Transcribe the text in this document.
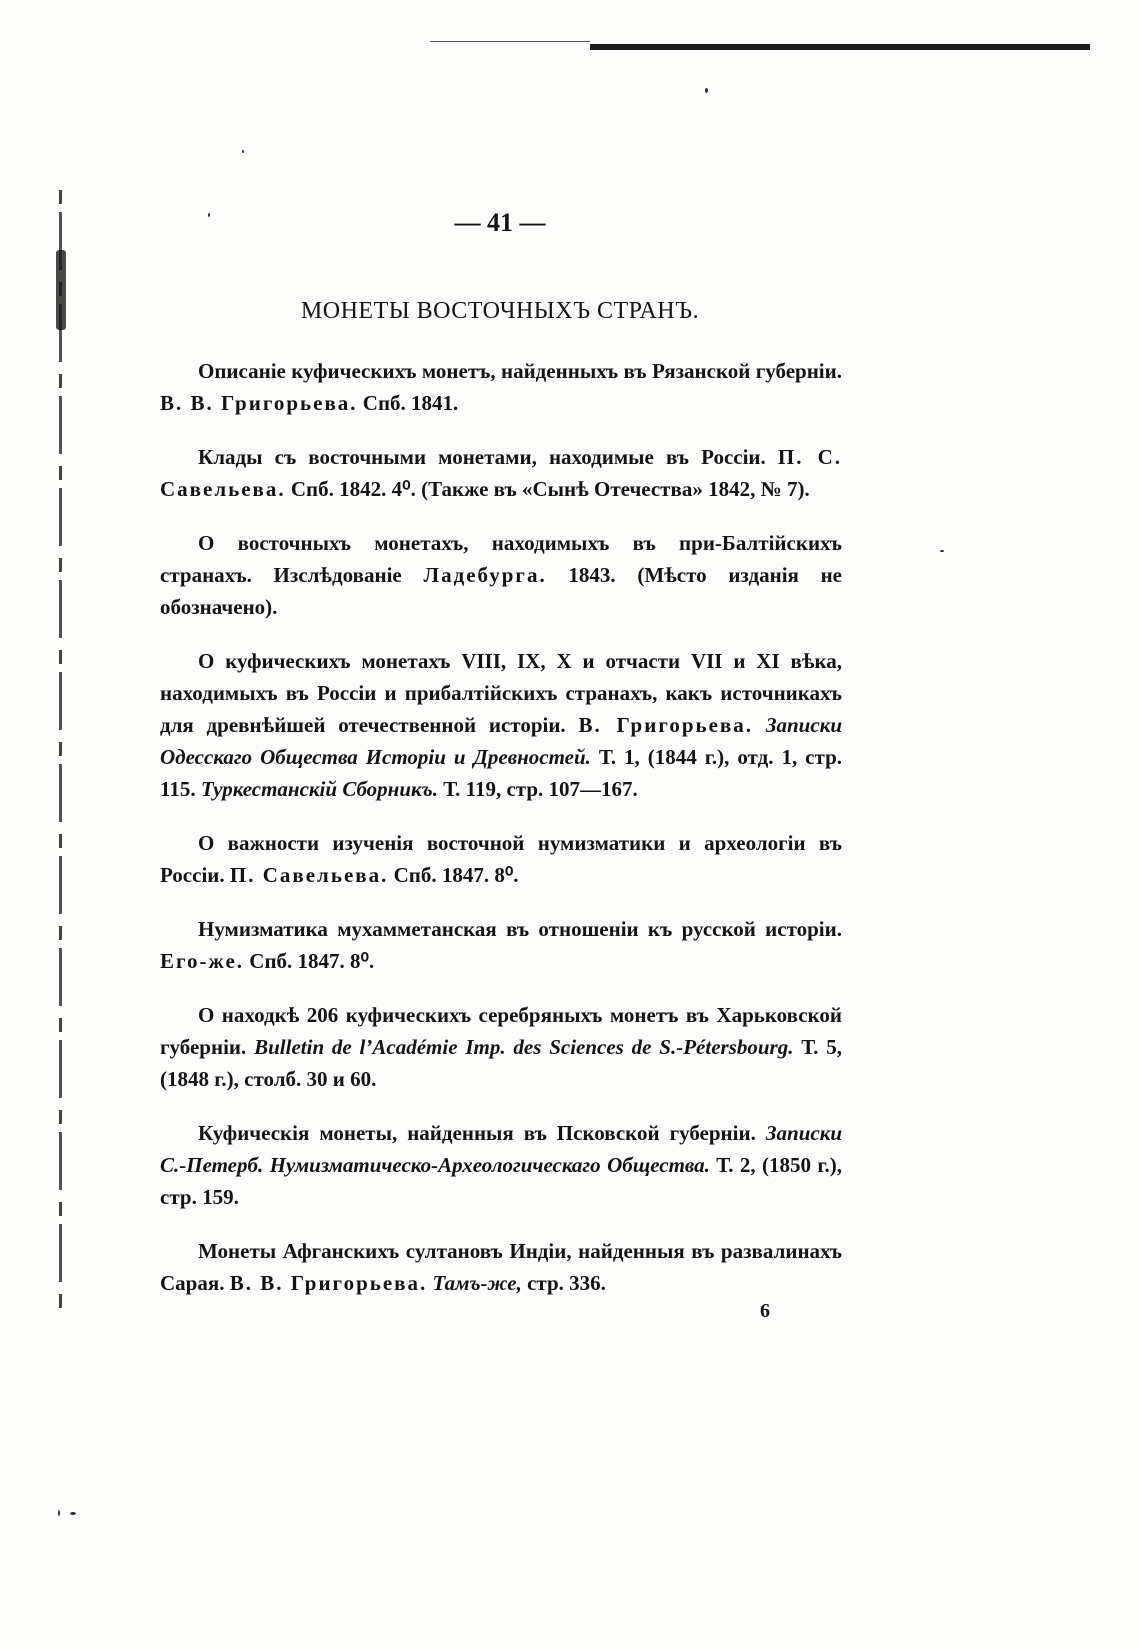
— 41 —
МОНЕТЫ ВОСТОЧНЫХЪ СТРАНЪ.

Описаніе куфическихъ монетъ, найденныхъ въ Рязанской губерніи. В. В. Григорьева. Спб. 1841.

Клады съ восточными монетами, находимые въ Россіи. П. С. Савельева. Спб. 1842. 4⁰. (Также въ «Сынѣ Отечества» 1842, № 7).

О восточныхъ монетахъ, находимыхъ въ при-Балтійскихъ странахъ. Изслѣдованіе Ладебурга. 1843. (Мѣсто изданія не обозначено).

О куфическихъ монетахъ VIII, IX, X и отчасти VII и XI вѣка, находимыхъ въ Россіи и прибалтійскихъ странахъ, какъ источникахъ для древнѣйшей отечественной исторіи. В. Григорьева. Записки Одесскаго Общества Исторіи и Древностей. Т. 1, (1844 г.), отд. 1, стр. 115. Туркестанскій Сборникъ. Т. 119, стр. 107—167.

О важности изученія восточной нумизматики и археологіи въ Россіи. П. Савельева. Спб. 1847. 8⁰.

Нумизматика мухамметанская въ отношеніи къ русской исторіи. Его-же. Спб. 1847. 8⁰.

О находкѣ 206 куфическихъ серебряныхъ монетъ въ Харьковской губерніи. Bulletin de l’Académie Imp. des Sciences de S.-Pétersbourg. Т. 5, (1848 г.), столб. 30 и 60.

Куфическія монеты, найденныя въ Псковской губерніи. Записки С.-Петерб. Нумизматическо-Археологическаго Общества. Т. 2, (1850 г.), стр. 159.

Монеты Афганскихъ султановъ Индіи, найденныя въ развалинахъ Сарая. В. В. Григорьева. Тамъ-же, стр. 336.

6
